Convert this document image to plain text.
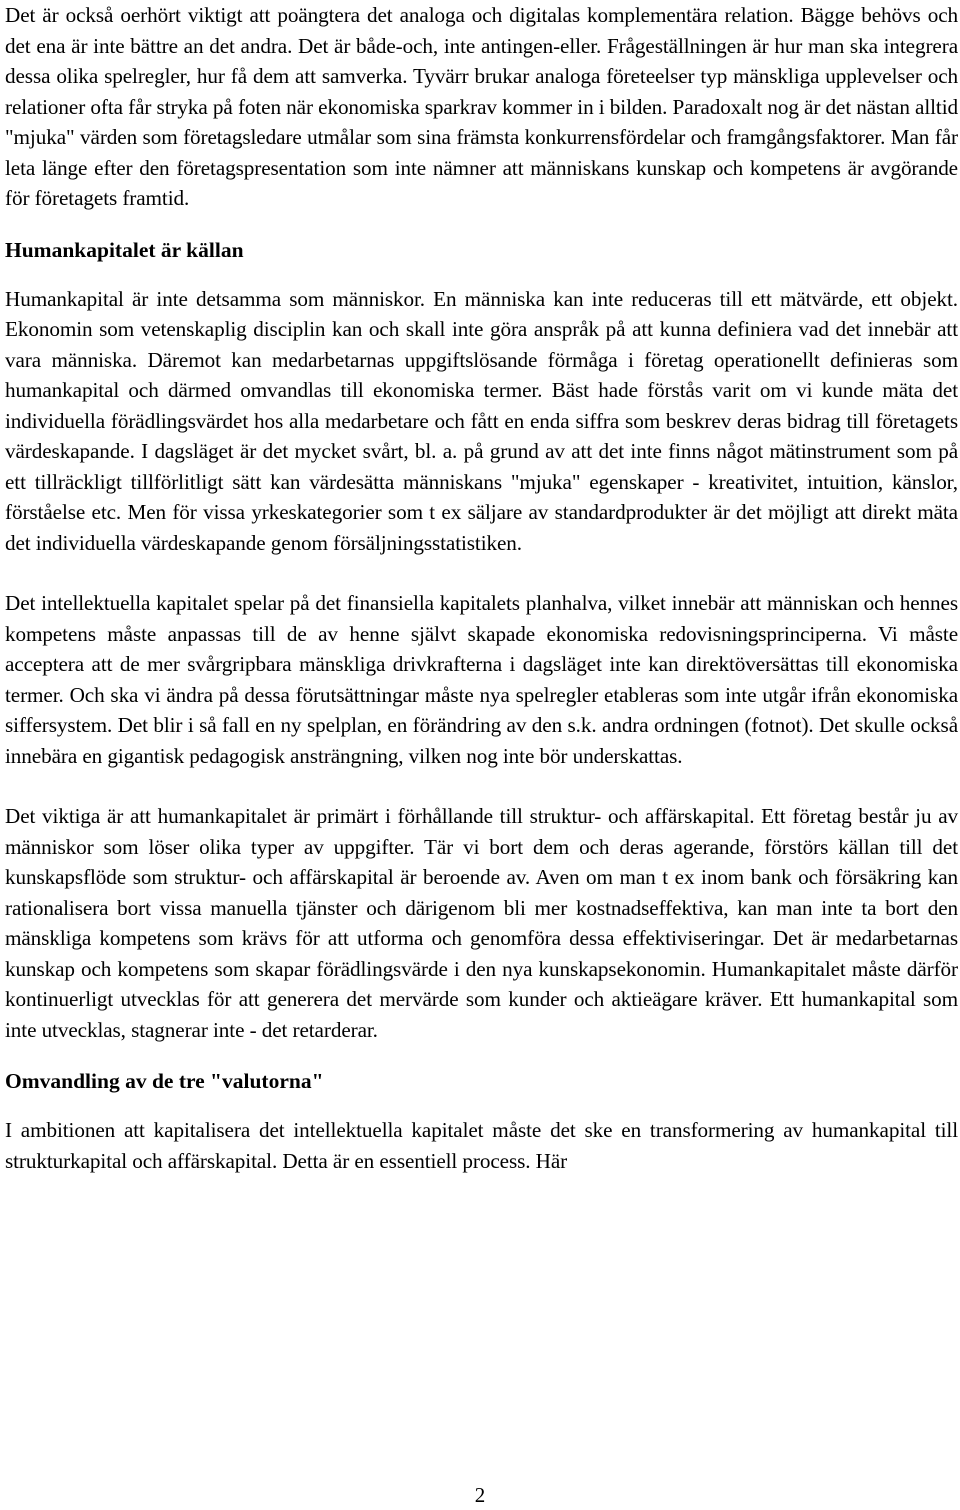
Det är också oerhört viktigt att poängtera det analoga och digitalas komplementära relation. Bägge behövs och det ena är inte bättre an det andra. Det är både-och, inte antingen-eller. Frågeställningen är hur man ska integrera dessa olika spelregler, hur få dem att samverka. Tyvärr brukar analoga företeelser typ mänskliga upplevelser och relationer ofta får stryka på foten när ekonomiska sparkrav kommer in i bilden. Paradoxalt nog är det nästan alltid "mjuka" värden som företagsledare utmålar som sina främsta konkurrensfördelar och framgångsfaktorer. Man får leta länge efter den företagspresentation som inte nämner att människans kunskap och kompetens är avgörande för företagets framtid.

Humankapitalet är källan

Humankapital är inte detsamma som människor. En människa kan inte reduceras till ett mätvärde, ett objekt. Ekonomin som vetenskaplig disciplin kan och skall inte göra anspråk på att kunna definiera vad det innebär att vara människa. Däremot kan medarbetarnas uppgiftslösande förmåga i företag operationellt definieras som humankapital och därmed omvandlas till ekonomiska termer. Bäst hade förstås varit om vi kunde mäta det individuella förädlingsvärdet hos alla medarbetare och fått en enda siffra som beskrev deras bidrag till företagets värdeskapande. I dagsläget är det mycket svårt, bl. a. på grund av att det inte finns något mätinstrument som på ett tillräckligt tillförlitligt sätt kan värdesätta människans "mjuka" egenskaper - kreativitet, intuition, känslor, förståelse etc. Men för vissa yrkeskategorier som t ex säljare av standardprodukter är det möjligt att direkt mäta det individuella värdeskapande genom försäljningsstatistiken.

Det intellektuella kapitalet spelar på det finansiella kapitalets planhalva, vilket innebär att människan och hennes kompetens måste anpassas till de av henne självt skapade ekonomiska redovisningsprinciperna. Vi måste acceptera att de mer svårgripbara mänskliga drivkrafterna i dagsläget inte kan direktöversättas till ekonomiska termer. Och ska vi ändra på dessa förutsättningar måste nya spelregler etableras som inte utgår ifrån ekonomiska siffersystem. Det blir i så fall en ny spelplan, en förändring av den s.k. andra ordningen (fotnot). Det skulle också innebära en gigantisk pedagogisk ansträngning, vilken nog inte bör underskattas.

Det viktiga är att humankapitalet är primärt i förhållande till struktur- och affärskapital. Ett företag består ju av människor som löser olika typer av uppgifter. Tär vi bort dem och deras agerande, förstörs källan till det kunskapsflöde som struktur- och affärskapital är beroende av. Aven om man t ex inom bank och försäkring kan rationalisera bort vissa manuella tjänster och därigenom bli mer kostnadseffektiva, kan man inte ta bort den mänskliga kompetens som krävs för att utforma och genomföra dessa effektiviseringar. Det är medarbetarnas kunskap och kompetens som skapar förädlingsvärde i den nya kunskapsekonomin. Humankapitalet måste därför kontinuerligt utvecklas för att generera det mervärde som kunder och aktieägare kräver. Ett humankapital som inte utvecklas, stagnerar inte - det retarderar.

Omvandling av de tre "valutorna"

I ambitionen att kapitalisera det intellektuella kapitalet måste det ske en transformering av humankapital till strukturkapital och affärskapital. Detta är en essentiell process. Här

2
